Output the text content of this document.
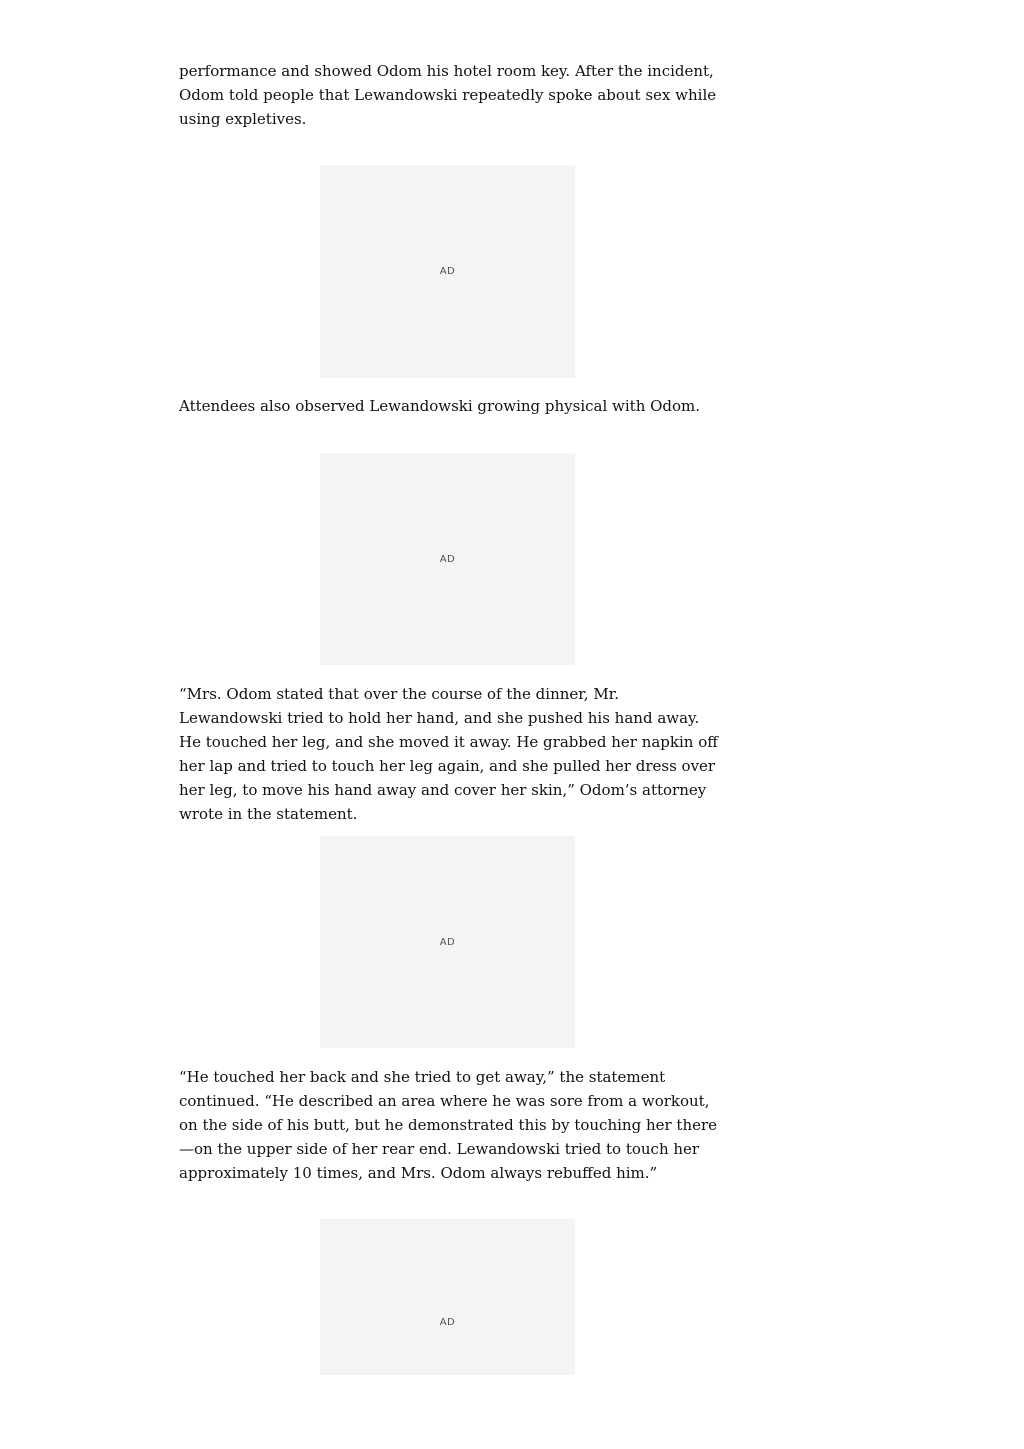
performance and showed Odom his hotel room key. After the incident, Odom told people that Lewandowski repeatedly spoke about sex while using expletives.

AD

Attendees also observed Lewandowski growing physical with Odom.

AD

“Mrs. Odom stated that over the course of the dinner, Mr. Lewandowski tried to hold her hand, and she pushed his hand away. He touched her leg, and she moved it away. He grabbed her napkin off her lap and tried to touch her leg again, and she pulled her dress over her leg, to move his hand away and cover her skin,” Odom’s attorney wrote in the statement.

AD

“He touched her back and she tried to get away,” the statement continued. “He described an area where he was sore from a workout, on the side of his butt, but he demonstrated this by touching her there—on the upper side of her rear end. Lewandowski tried to touch her approximately 10 times, and Mrs. Odom always rebuffed him.”

AD
